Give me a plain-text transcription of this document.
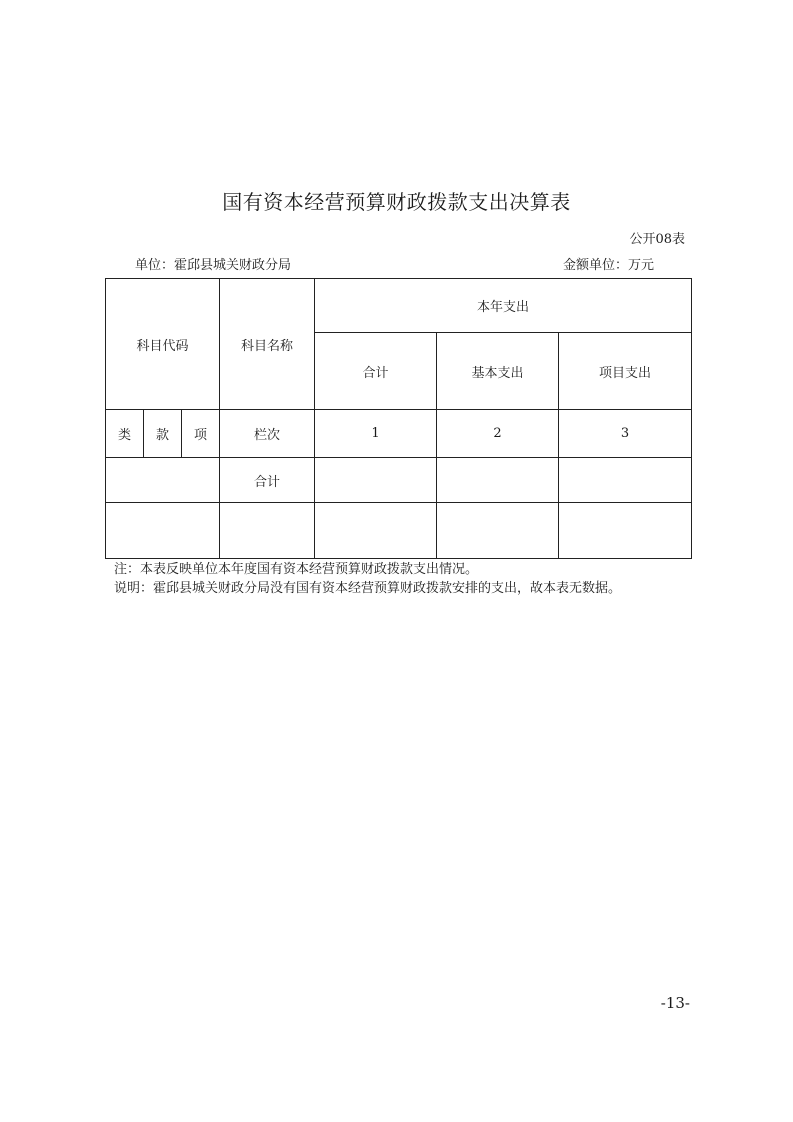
国有资本经营预算财政拨款支出决算表
公开08表
单位：霍邱县城关财政分局	金额单位：万元
科目代码			科目名称	本年支出		
				合计	基本支出	项目支出
类	款	项	栏次	1	2	3
			合计			

注：本表反映单位本年度国有资本经营预算财政拨款支出情况。
说明：霍邱县城关财政分局没有国有资本经营预算财政拨款安排的支出，故本表无数据。
-13-
